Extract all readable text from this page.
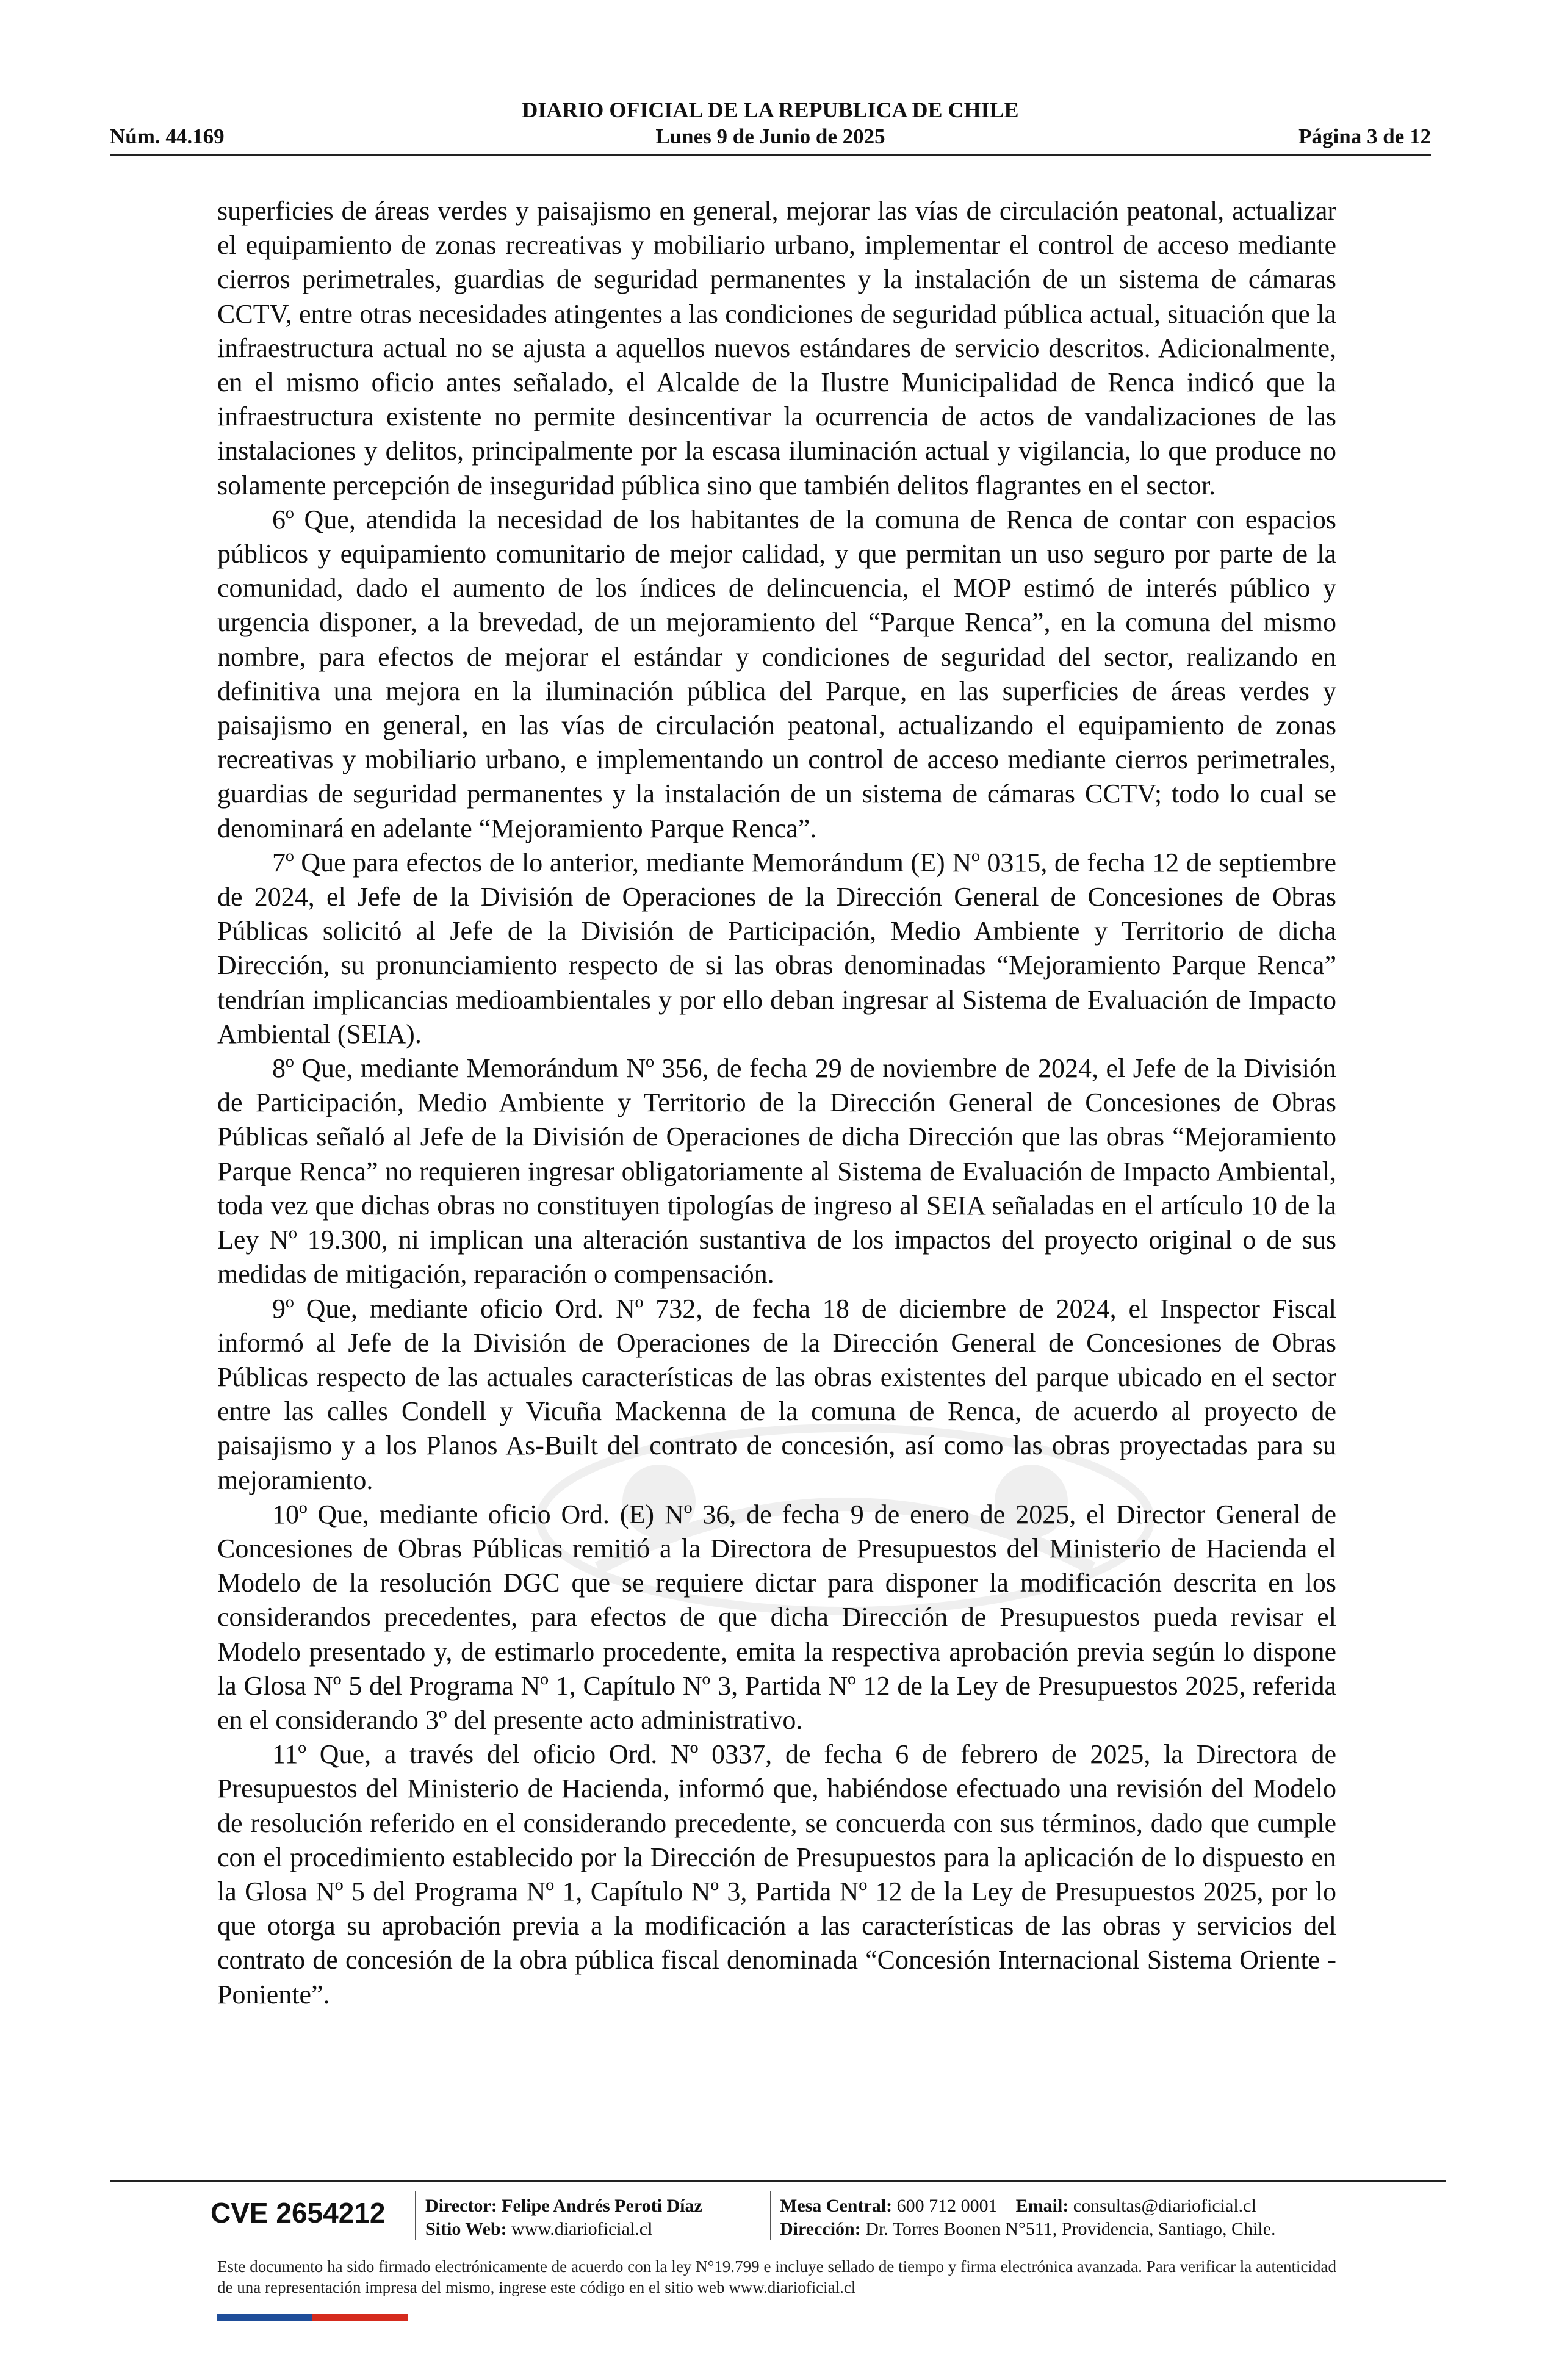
DIARIO OFICIAL DE LA REPUBLICA DE CHILE
Núm. 44.169	Lunes 9 de Junio de 2025	Página 3 de 12

superficies de áreas verdes y paisajismo en general, mejorar las vías de circulación peatonal, actualizar el equipamiento de zonas recreativas y mobiliario urbano, implementar el control de acceso mediante cierros perimetrales, guardias de seguridad permanentes y la instalación de un sistema de cámaras CCTV, entre otras necesidades atingentes a las condiciones de seguridad pública actual, situación que la infraestructura actual no se ajusta a aquellos nuevos estándares de servicio descritos. Adicionalmente, en el mismo oficio antes señalado, el Alcalde de la Ilustre Municipalidad de Renca indicó que la infraestructura existente no permite desincentivar la ocurrencia de actos de vandalizaciones de las instalaciones y delitos, principalmente por la escasa iluminación actual y vigilancia, lo que produce no solamente percepción de inseguridad pública sino que también delitos flagrantes en el sector.

6º Que, atendida la necesidad de los habitantes de la comuna de Renca de contar con espacios públicos y equipamiento comunitario de mejor calidad, y que permitan un uso seguro por parte de la comunidad, dado el aumento de los índices de delincuencia, el MOP estimó de interés público y urgencia disponer, a la brevedad, de un mejoramiento del “Parque Renca”, en la comuna del mismo nombre, para efectos de mejorar el estándar y condiciones de seguridad del sector, realizando en definitiva una mejora en la iluminación pública del Parque, en las superficies de áreas verdes y paisajismo en general, en las vías de circulación peatonal, actualizando el equipamiento de zonas recreativas y mobiliario urbano, e implementando un control de acceso mediante cierros perimetrales, guardias de seguridad permanentes y la instalación de un sistema de cámaras CCTV; todo lo cual se denominará en adelante “Mejoramiento Parque Renca”.

7º Que para efectos de lo anterior, mediante Memorándum (E) Nº 0315, de fecha 12 de septiembre de 2024, el Jefe de la División de Operaciones de la Dirección General de Concesiones de Obras Públicas solicitó al Jefe de la División de Participación, Medio Ambiente y Territorio de dicha Dirección, su pronunciamiento respecto de si las obras denominadas “Mejoramiento Parque Renca” tendrían implicancias medioambientales y por ello deban ingresar al Sistema de Evaluación de Impacto Ambiental (SEIA).

8º Que, mediante Memorándum Nº 356, de fecha 29 de noviembre de 2024, el Jefe de la División de Participación, Medio Ambiente y Territorio de la Dirección General de Concesiones de Obras Públicas señaló al Jefe de la División de Operaciones de dicha Dirección que las obras “Mejoramiento Parque Renca” no requieren ingresar obligatoriamente al Sistema de Evaluación de Impacto Ambiental, toda vez que dichas obras no constituyen tipologías de ingreso al SEIA señaladas en el artículo 10 de la Ley Nº 19.300, ni implican una alteración sustantiva de los impactos del proyecto original o de sus medidas de mitigación, reparación o compensación.

9º Que, mediante oficio Ord. Nº 732, de fecha 18 de diciembre de 2024, el Inspector Fiscal informó al Jefe de la División de Operaciones de la Dirección General de Concesiones de Obras Públicas respecto de las actuales características de las obras existentes del parque ubicado en el sector entre las calles Condell y Vicuña Mackenna de la comuna de Renca, de acuerdo al proyecto de paisajismo y a los Planos As-Built del contrato de concesión, así como las obras proyectadas para su mejoramiento.

10º Que, mediante oficio Ord. (E) Nº 36, de fecha 9 de enero de 2025, el Director General de Concesiones de Obras Públicas remitió a la Directora de Presupuestos del Ministerio de Hacienda el Modelo de la resolución DGC que se requiere dictar para disponer la modificación descrita en los considerandos precedentes, para efectos de que dicha Dirección de Presupuestos pueda revisar el Modelo presentado y, de estimarlo procedente, emita la respectiva aprobación previa según lo dispone la Glosa Nº 5 del Programa Nº 1, Capítulo Nº 3, Partida Nº 12 de la Ley de Presupuestos 2025, referida en el considerando 3º del presente acto administrativo.

11º Que, a través del oficio Ord. Nº 0337, de fecha 6 de febrero de 2025, la Directora de Presupuestos del Ministerio de Hacienda, informó que, habiéndose efectuado una revisión del Modelo de resolución referido en el considerando precedente, se concuerda con sus términos, dado que cumple con el procedimiento establecido por la Dirección de Presupuestos para la aplicación de lo dispuesto en la Glosa Nº 5 del Programa Nº 1, Capítulo Nº 3, Partida Nº 12 de la Ley de Presupuestos 2025, por lo que otorga su aprobación previa a la modificación a las características de las obras y servicios del contrato de concesión de la obra pública fiscal denominada “Concesión Internacional Sistema Oriente - Poniente”.

CVE 2654212 Director: Felipe Andrés Peroti Díaz
Sitio Web: www.diarioficial.cl
Mesa Central: 600 712 0001 Email: consultas@diarioficial.cl
Dirección: Dr. Torres Boonen N°511, Providencia, Santiago, Chile.
Este documento ha sido firmado electrónicamente de acuerdo con la ley N°19.799 e incluye sellado de tiempo y firma electrónica avanzada. Para verificar la autenticidad de una representación impresa del mismo, ingrese este código en el sitio web www.diarioficial.cl
